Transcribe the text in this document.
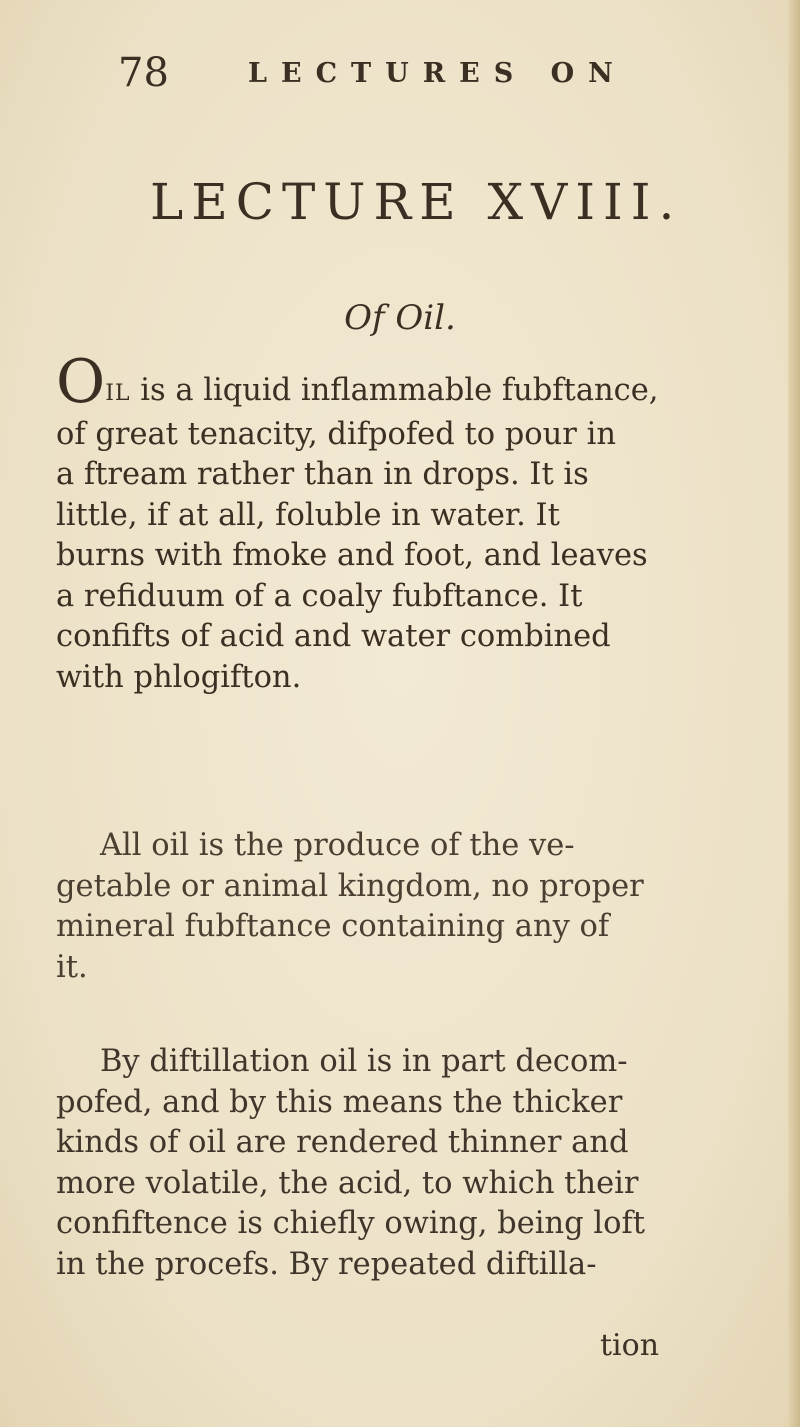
78	LECTURES ON
LECTURE XVIII.
Of Oil.

OIL is a liquid inflammable fubftance,
of great tenacity, difpofed to pour in
a ftream rather than in drops. It is
little, if at all, foluble in water. It
burns with fmoke and foot, and leaves
a refiduum of a coaly fubftance. It
confifts of acid and water combined
with phlogifton.

All oil is the produce of the ve-
getable or animal kingdom, no proper
mineral fubftance containing any of
it.

By diftillation oil is in part decom-
pofed, and by this means the thicker
kinds of oil are rendered thinner and
more volatile, the acid, to which their
confiftence is chiefly owing, being loft
in the procefs. By repeated diftilla-

tion
